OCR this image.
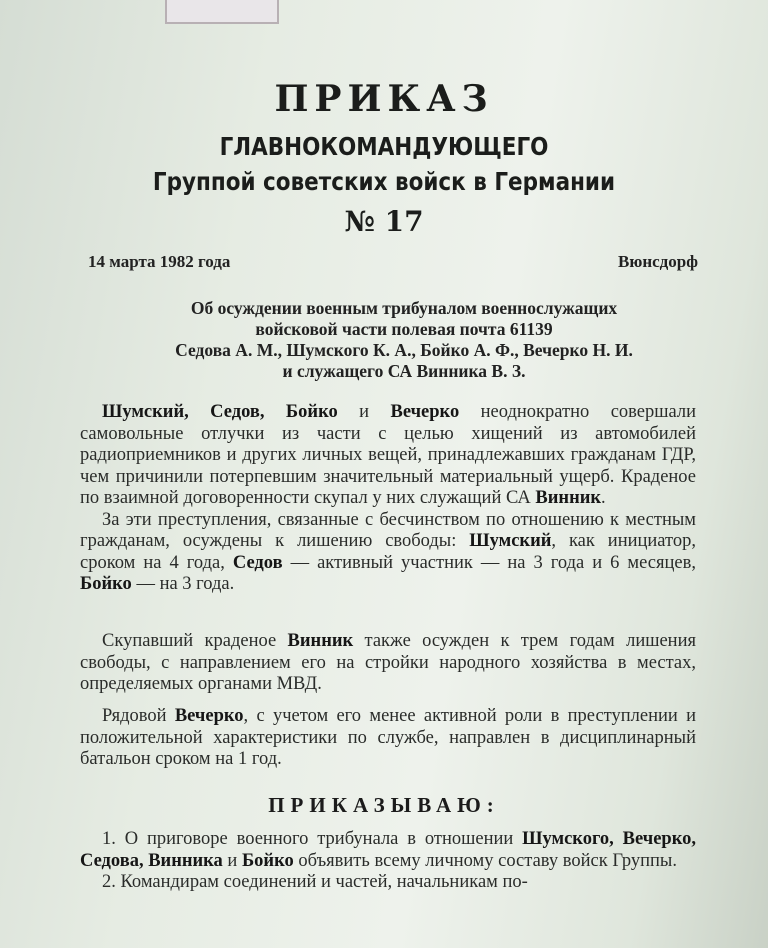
ПРИКАЗ
ГЛАВНОКОМАНДУЮЩЕГО
Группой советских войск в Германии
№ 17
14 марта 1982 года	Вюнсдорф
Об осуждении военным трибуналом военнослужащих
войсковой части полевая почта 61139
Седова А. М., Шумского К. А., Бойко А. Ф., Вечерко Н. И.
и служащего СА Винника В. З.
Шумский, Седов, Бойко и Вечерко неоднократно совершали самовольные отлучки из части с целью хищений из автомобилей радиоприемников и других личных вещей, принадлежавших гражданам ГДР, чем причинили потерпевшим значительный материальный ущерб. Краденое по взаимной договоренности скупал у них служащий СА Винник.
За эти преступления, связанные с бесчинством по отношению к местным гражданам, осуждены к лишению свободы: Шумский, как инициатор, сроком на 4 года, Седов — активный участник — на 3 года и 6 месяцев, Бойко — на 3 года.
Скупавший краденое Винник также осужден к трем годам лишения свободы, с направлением его на стройки народного хозяйства в местах, определяемых органами МВД.
Рядовой Вечерко, с учетом его менее активной роли в преступлении и положительной характеристики по службе, направлен в дисциплинарный батальон сроком на 1 год.
ПРИКАЗЫВАЮ:
1. О приговоре военного трибунала в отношении Шумского, Вечерко, Седова, Винника и Бойко объявить всему личному составу войск Группы.
2. Командирам соединений и частей, начальникам по-
